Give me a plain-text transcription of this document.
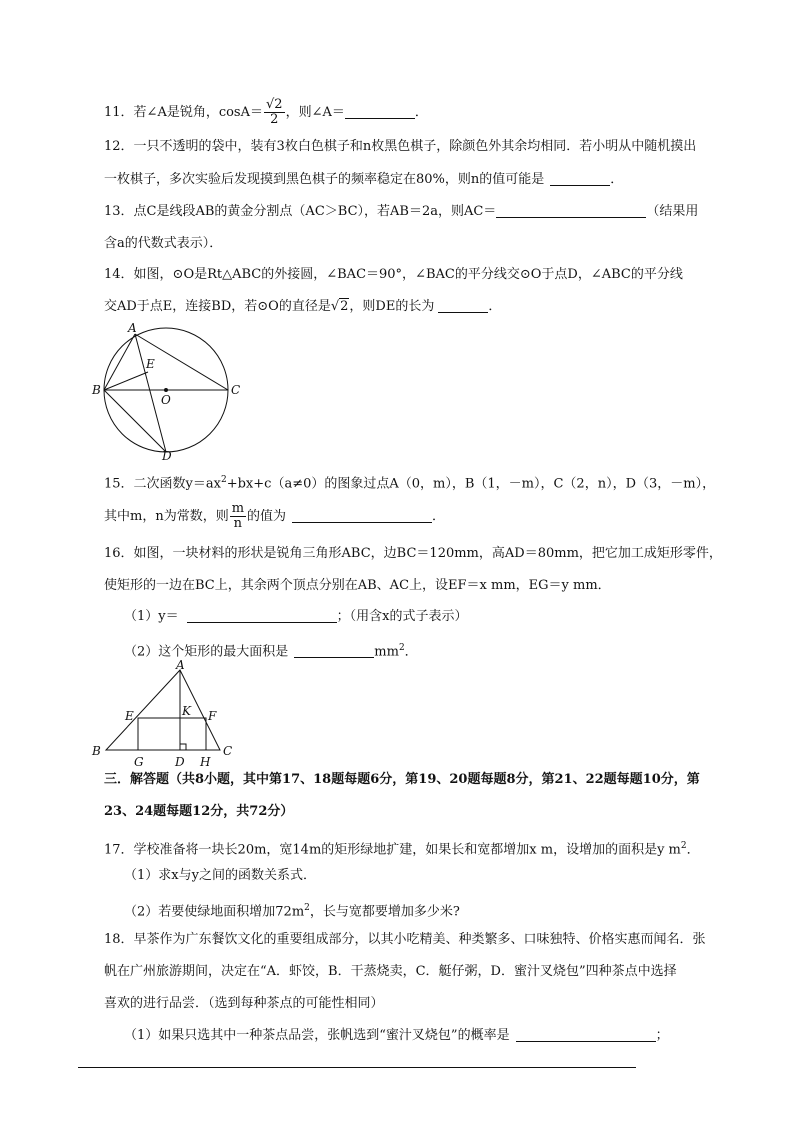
11．若∠A是锐角，$\cos A= \frac{√2}{2}$ ，则∠A＝	．
12．一只不透明的袋中，装有3枚白色棋子和n枚黑色棋子，除颜色外其余均相同．若小明从中随机摸出
一枚棋子，多次实验后发现摸到黑色棋子的频率稳定在80%，则n的值可能是	．
13．点C是线段AB的黄金分割点（AC＞BC），若AB＝2a，则AC＝	（结果用
含a的代数式表示）．
14．如图，⊙O是Rt△ABC的外接圆，∠BAC＝90°，∠BAC的平分线交⊙O于点D，∠ABC的平分线
交AD于点E，连接BD，若⊙O的直径是√2，则DE的长为	．
A
B	C
D
E
O
15．二次函数$y=ax^2+bx+c(a\ne 0)$的图象过点A（0，m），B（1，－m），C（2，n），D（3，－m），
其中m，n为常数，则 $\frac{m}{n}$ 的值为	．
16．如图，一块材料的形状是锐角三角形ABC，边BC＝120mm，高AD＝80mm，把它加工成矩形零件，
使矩形的一边在BC上，其余两个顶点分别在AB、AC上，设EF＝x mm，EG＝y mm．
（1）y＝	；（用含x的式子表示）
（2）这个矩形的最大面积是	$mm^2$．
A
B	C
D
E	F
G	H
K
三．解答题（共8小题，其中第17、18题每题6分，第19、20题每题8分，第21、22题每题10分，第
23、24题每题12分，共72分）
17．学校准备将一块长20m，宽14m的矩形绿地扩建，如果长和宽都增加x m，设增加的面积是y $m^2$．
（1）求x与y之间的函数关系式．
（2）若要使绿地面积增加$72m^2$，长与宽都要增加多少米?
18．早茶作为广东餐饮文化的重要组成部分，以其小吃精美、种类繁多、口味独特、价格实惠而闻名．张
帆在广州旅游期间，决定在“A．虾饺，B．干蒸烧卖，C．艇仔粥，D．蜜汁叉烧包”四种茶点中选择
喜欢的进行品尝．（选到每种茶点的可能性相同）
（1）如果只选其中一种茶点品尝，张帆选到“蜜汁叉烧包”的概率是	；
